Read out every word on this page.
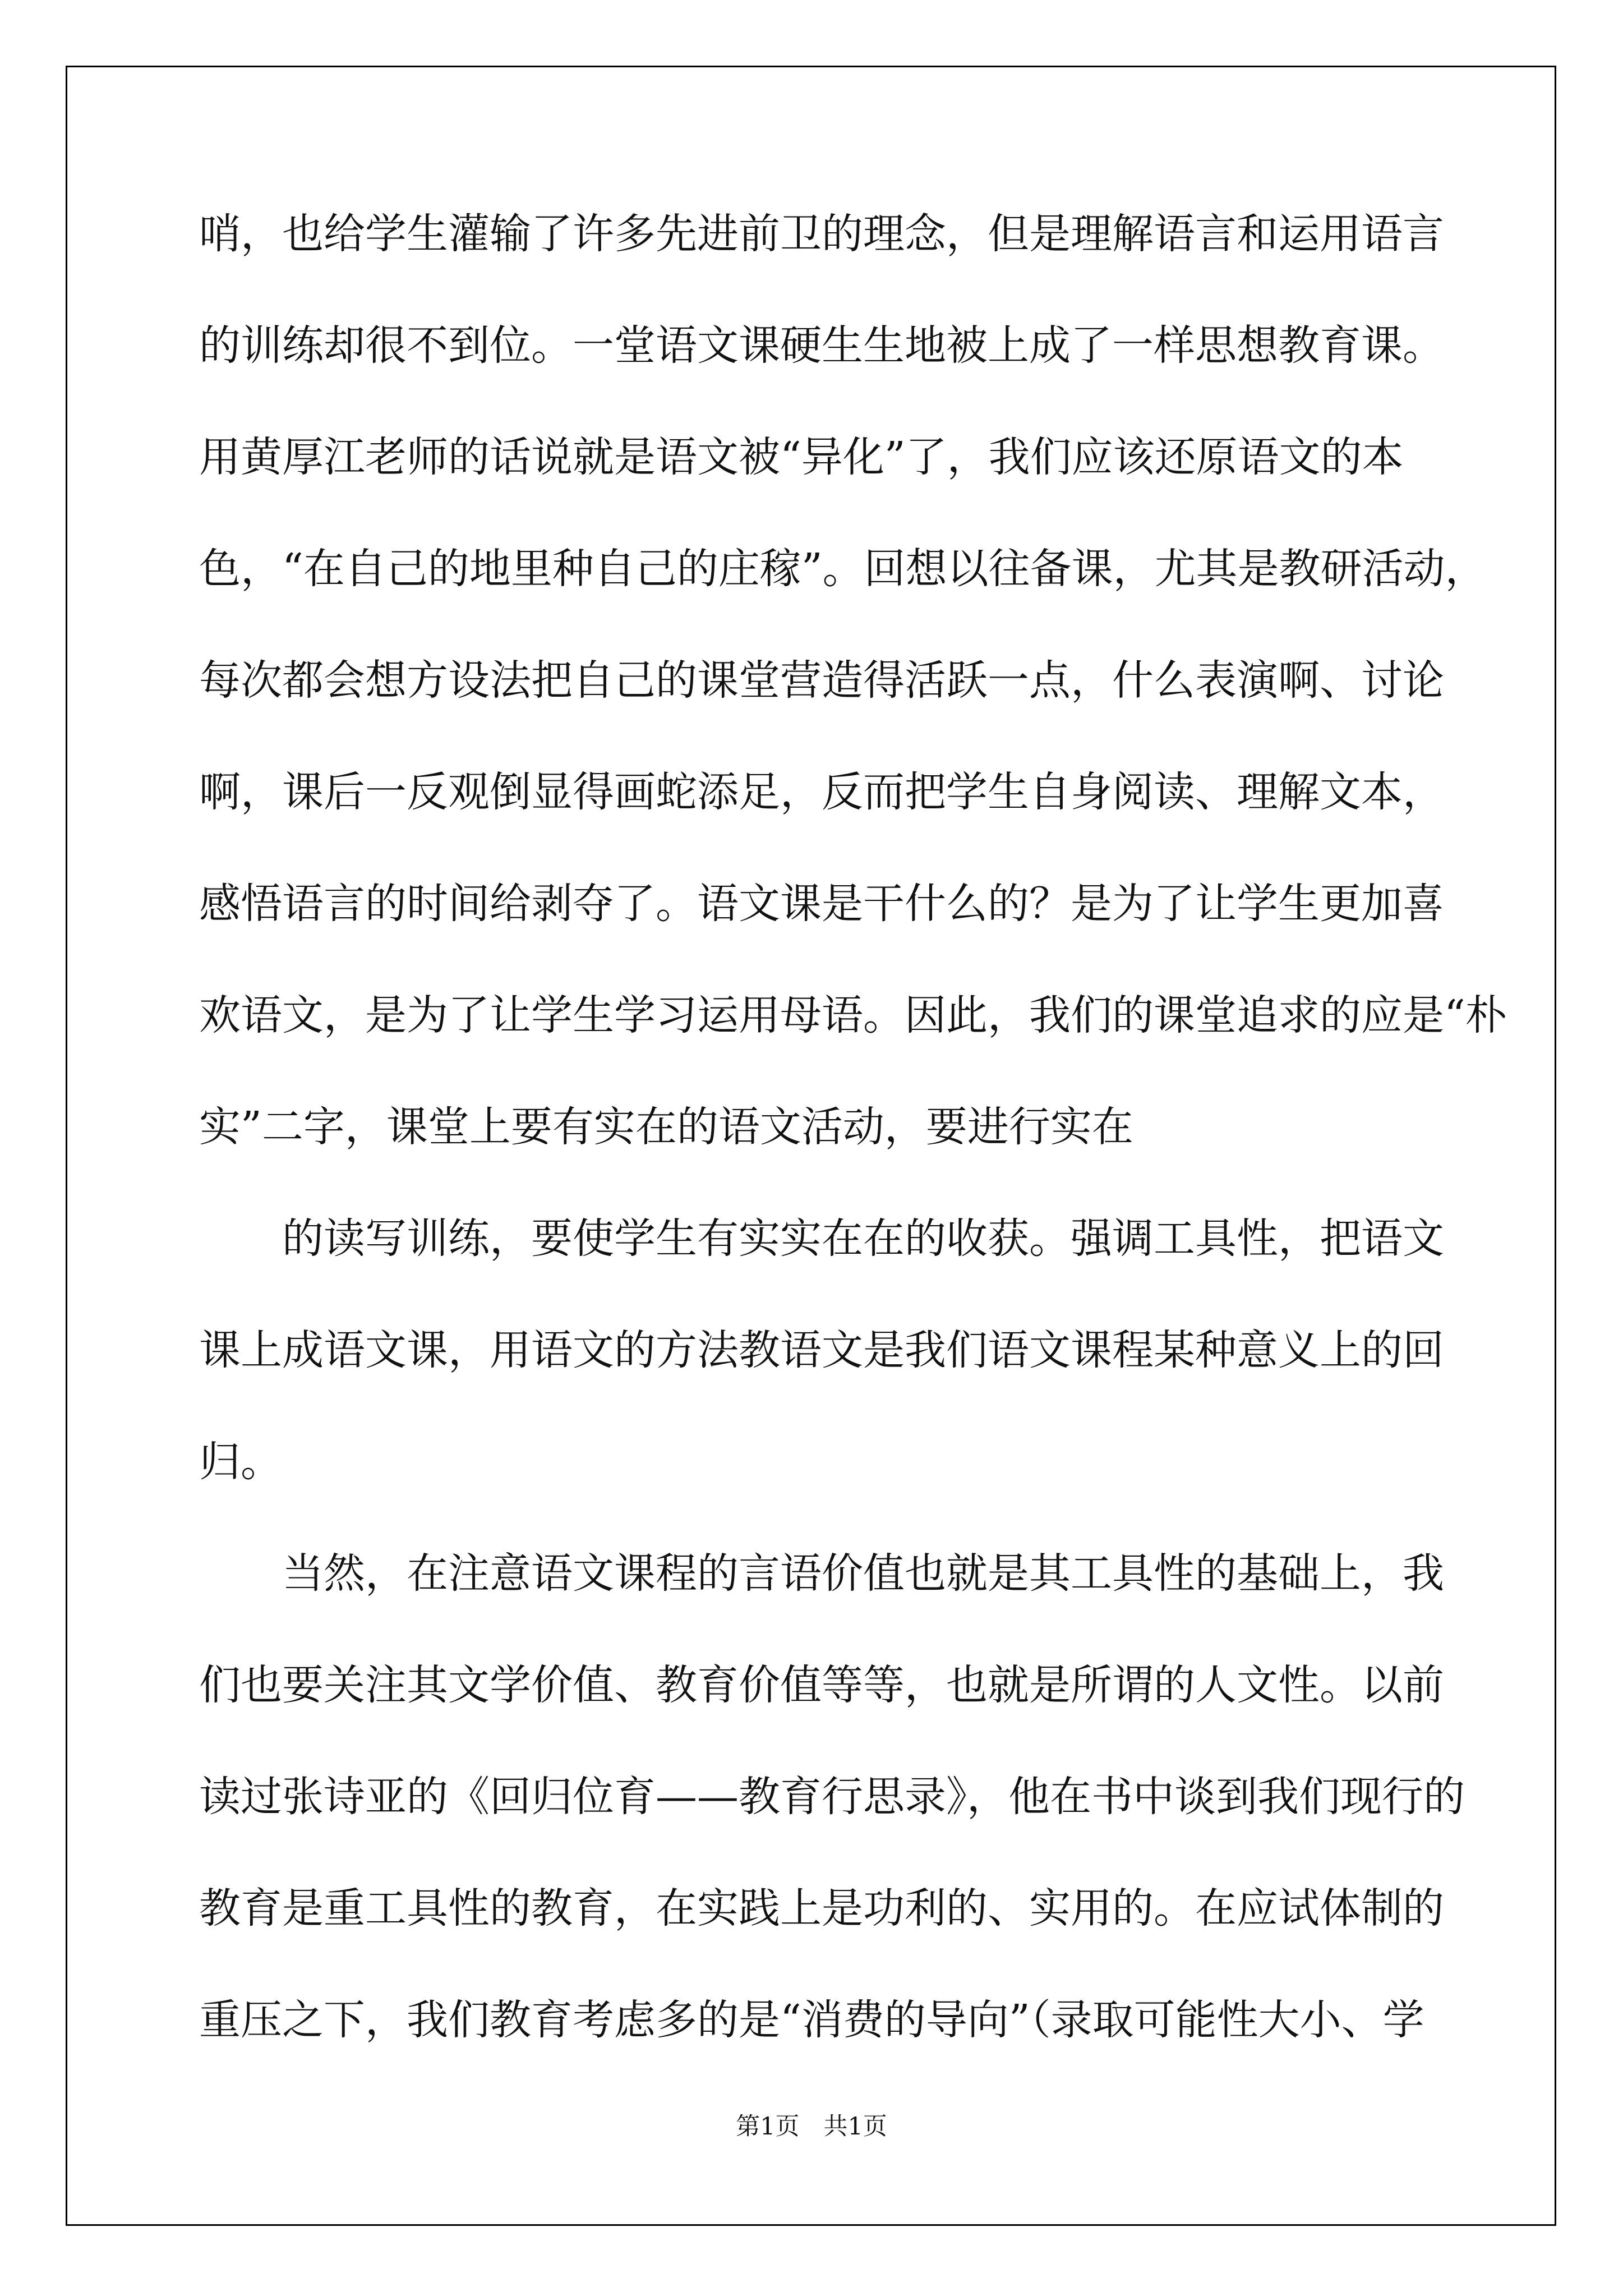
哨，也给学生灌输了许多先进前卫的理念，但是理解语言和运用语言
的训练却很不到位。一堂语文课硬生生地被上成了一样思想教育课。
用黄厚江老师的话说就是语文被“异化”了，我们应该还原语文的本
色，“在自己的地里种自己的庄稼”。回想以往备课，尤其是教研活动，
每次都会想方设法把自己的课堂营造得活跃一点，什么表演啊、讨论
啊，课后一反观倒显得画蛇添足，反而把学生自身阅读、理解文本，
感悟语言的时间给剥夺了。语文课是干什么的？是为了让学生更加喜
欢语文，是为了让学生学习运用母语。因此，我们的课堂追求的应是“朴
实”二字，课堂上要有实在的语文活动，要进行实在
的读写训练，要使学生有实实在在的收获。强调工具性，把语文
课上成语文课，用语文的方法教语文是我们语文课程某种意义上的回
归。
当然，在注意语文课程的言语价值也就是其工具性的基础上，我
们也要关注其文学价值、教育价值等等，也就是所谓的人文性。以前
读过张诗亚的《回归位育——教育行思录》，他在书中谈到我们现行的
教育是重工具性的教育，在实践上是功利的、实用的。在应试体制的
重压之下，我们教育考虑多的是“消费的导向”（录取可能性大小、学
第1页　共1页
